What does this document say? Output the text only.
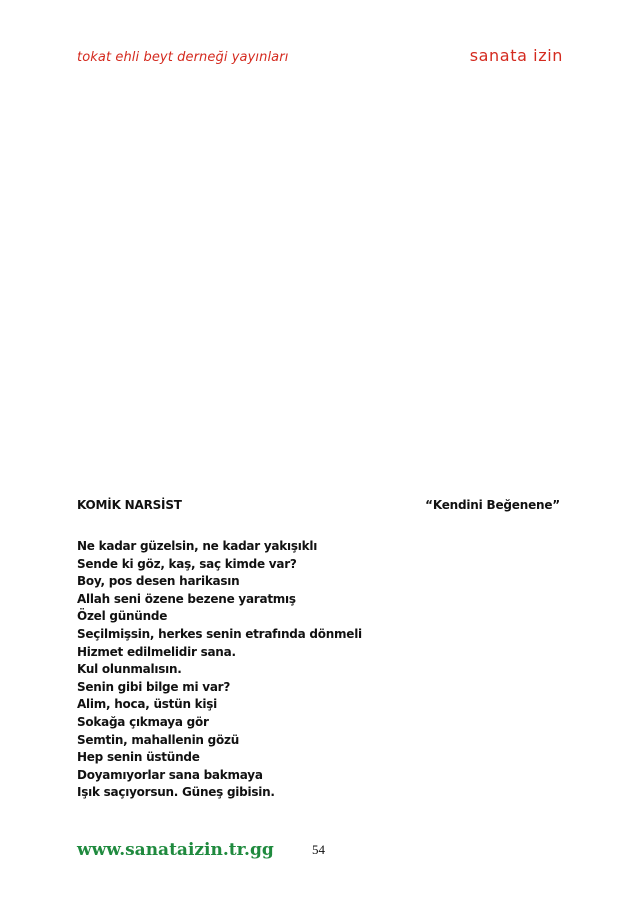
tokat ehli beyt derneği yayınları	sanata izin
KOMİK NARSİST	“Kendini Beğenene”
Ne kadar güzelsin, ne kadar yakışıklı
Sende ki göz, kaş, saç kimde var?
Boy, pos desen harikasın
Allah seni özene bezene yaratmış
Özel gününde
Seçilmişsin, herkes senin etrafında dönmeli
Hizmet edilmelidir sana.
Kul olunmalısın.
Senin gibi bilge mi var?
Alim, hoca, üstün kişi
Sokağa çıkmaya gör
Semtin, mahallenin gözü
Hep senin üstünde
Doyamıyorlar sana bakmaya
Işık saçıyorsun. Güneş gibisin.
www.sanataizin.tr.gg	54
